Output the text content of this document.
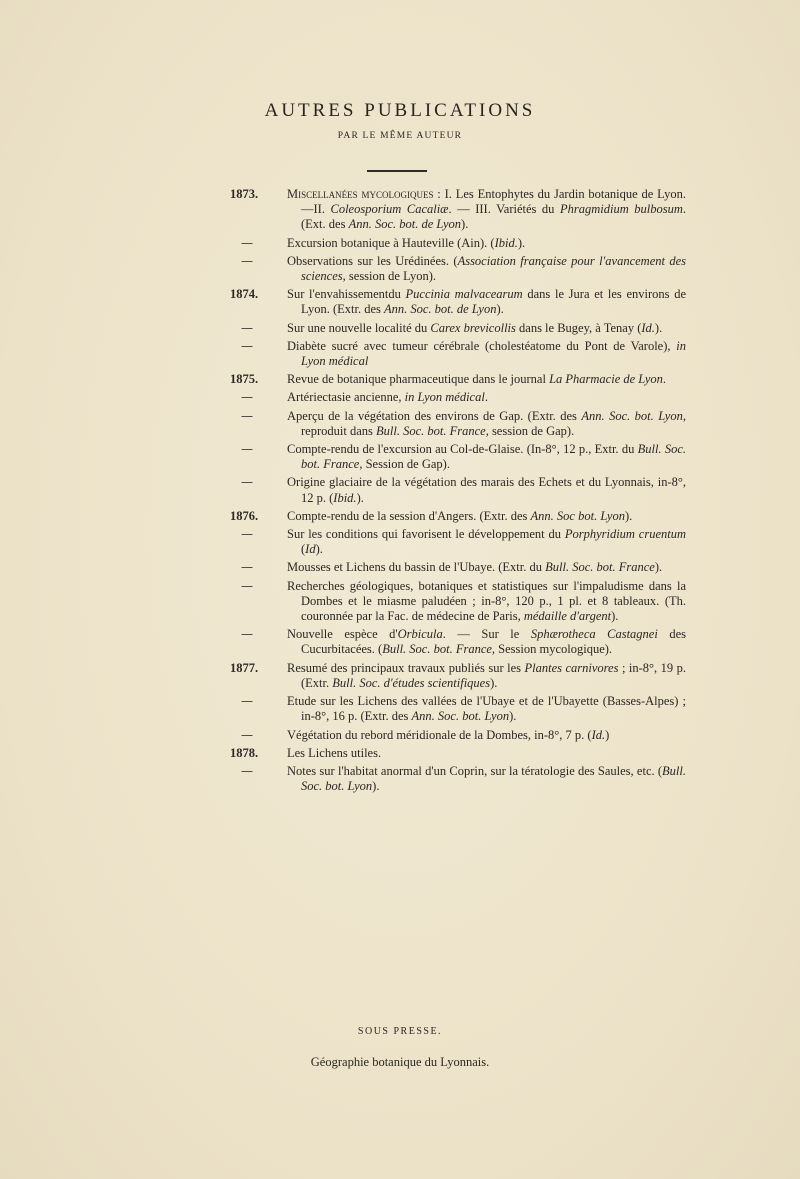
AUTRES PUBLICATIONS
PAR LE MÊME AUTEUR
1873.	Miscellanées mycologiques : I. Les Entophytes du Jardin botanique de Lyon.—II. Coleosporium Cacaliæ. — III. Variétés du Phragmidium bulbosum. (Ext. des Ann. Soc. bot. de Lyon).
—	Excursion botanique à Hauteville (Ain). (Ibid.).
—	Observations sur les Urédinées. (Association française pour l'avancement des sciences, session de Lyon).
1874.	Sur l'envahissementdu Puccinia malvacearum dans le Jura et les environs de Lyon. (Extr. des Ann. Soc. bot. de Lyon).
—	Sur une nouvelle localité du Carex brevicollis dans le Bugey, à Tenay (Id.).
—	Diabète sucré avec tumeur cérébrale (cholestéatome du Pont de Varole), in Lyon médical
1875.	Revue de botanique pharmaceutique dans le journal La Pharmacie de Lyon.
—	Artériectasie ancienne, in Lyon médical.
—	Aperçu de la végétation des environs de Gap. (Extr. des Ann. Soc. bot. Lyon, reproduit dans Bull. Soc. bot. France, session de Gap).
—	Compte-rendu de l'excursion au Col-de-Glaise. (In-8°, 12 p., Extr. du Bull. Soc. bot. France, Session de Gap).
—	Origine glaciaire de la végétation des marais des Echets et du Lyonnais, in-8°, 12 p. (Ibid.).
1876.	Compte-rendu de la session d'Angers. (Extr. des Ann. Soc bot. Lyon).
—	Sur les conditions qui favorisent le développement du Porphyridium cruentum (Id).
—	Mousses et Lichens du bassin de l'Ubaye. (Extr. du Bull. Soc. bot. France).
—	Recherches géologiques, botaniques et statistiques sur l'impaludisme dans la Dombes et le miasme paludéen ; in-8°, 120 p., 1 pl. et 8 tableaux. (Th. couronnée par la Fac. de médecine de Paris, médaille d'argent).
—	Nouvelle espèce d'Orbicula. — Sur le Sphærotheca Castagnei des Cucurbitacées. (Bull. Soc. bot. France, Session mycologique).
1877.	Resumé des principaux travaux publiés sur les Plantes carnivores ; in-8°, 19 p. (Extr. Bull. Soc. d'études scientifiques).
—	Etude sur les Lichens des vallées de l'Ubaye et de l'Ubayette (Basses-Alpes) ; in-8°, 16 p. (Extr. des Ann. Soc. bot. Lyon).
—	Végétation du rebord méridionale de la Dombes, in-8°, 7 p. (Id.)
1878.	Les Lichens utiles.
—	Notes sur l'habitat anormal d'un Coprin, sur la tératologie des Saules, etc. (Bull. Soc. bot. Lyon).
SOUS PRESSE.
Géographie botanique du Lyonnais.
